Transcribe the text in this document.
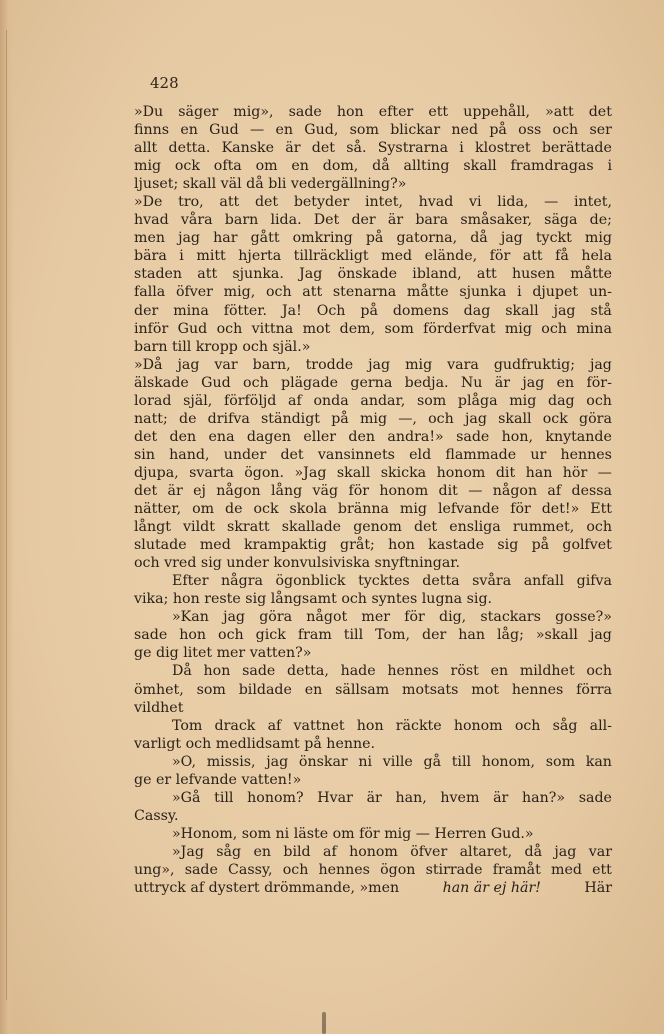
428
»Du säger mig», sade hon efter ett uppehåll, »att det
finns en Gud — en Gud, som blickar ned på oss och ser
allt detta. Kanske är det så. Systrarna i klostret berättade
mig ock ofta om en dom, då allting skall framdragas i
ljuset; skall väl då bli vedergällning?»
»De tro, att det betyder intet, hvad vi lida, — intet,
hvad våra barn lida. Det der är bara småsaker, säga de;
men jag har gått omkring på gatorna, då jag tyckt mig
bära i mitt hjerta tillräckligt med elände, för att få hela
staden att sjunka. Jag önskade ibland, att husen måtte
falla öfver mig, och att stenarna måtte sjunka i djupet un-
der mina fötter. Ja! Och på domens dag skall jag stå
inför Gud och vittna mot dem, som förderfvat mig och mina
barn till kropp och själ.»
»Då jag var barn, trodde jag mig vara gudfruktig; jag
älskade Gud och plägade gerna bedja. Nu är jag en för-
lorad själ, förföljd af onda andar, som plåga mig dag och
natt; de drifva ständigt på mig —, och jag skall ock göra
det den ena dagen eller den andra!» sade hon, knytande
sin hand, under det vansinnets eld flammade ur hennes
djupa, svarta ögon. »Jag skall skicka honom dit han hör —
det är ej någon lång väg för honom dit — någon af dessa
nätter, om de ock skola bränna mig lefvande för det!» Ett
långt vildt skratt skallade genom det ensliga rummet, och
slutade med krampaktig gråt; hon kastade sig på golfvet
och vred sig under konvulsiviska snyftningar.
Efter några ögonblick tycktes detta svåra anfall gifva
vika; hon reste sig långsamt och syntes lugna sig.
»Kan jag göra något mer för dig, stackars gosse?»
sade hon och gick fram till Tom, der han låg; »skall jag
ge dig litet mer vatten?»
Då hon sade detta, hade hennes röst en mildhet och
ömhet, som bildade en sällsam motsats mot hennes förra
vildhet
Tom drack af vattnet hon räckte honom och såg all-
varligt och medlidsamt på henne.
»O, missis, jag önskar ni ville gå till honom, som kan
ge er lefvande vatten!»
»Gå till honom? Hvar är han, hvem är han?» sade
Cassy.
»Honom, som ni läste om för mig — Herren Gud.»
»Jag såg en bild af honom öfver altaret, då jag var
ung», sade Cassy, och hennes ögon stirrade framåt med ett
uttryck af dystert drömmande, »men	han är ej här!	Här
